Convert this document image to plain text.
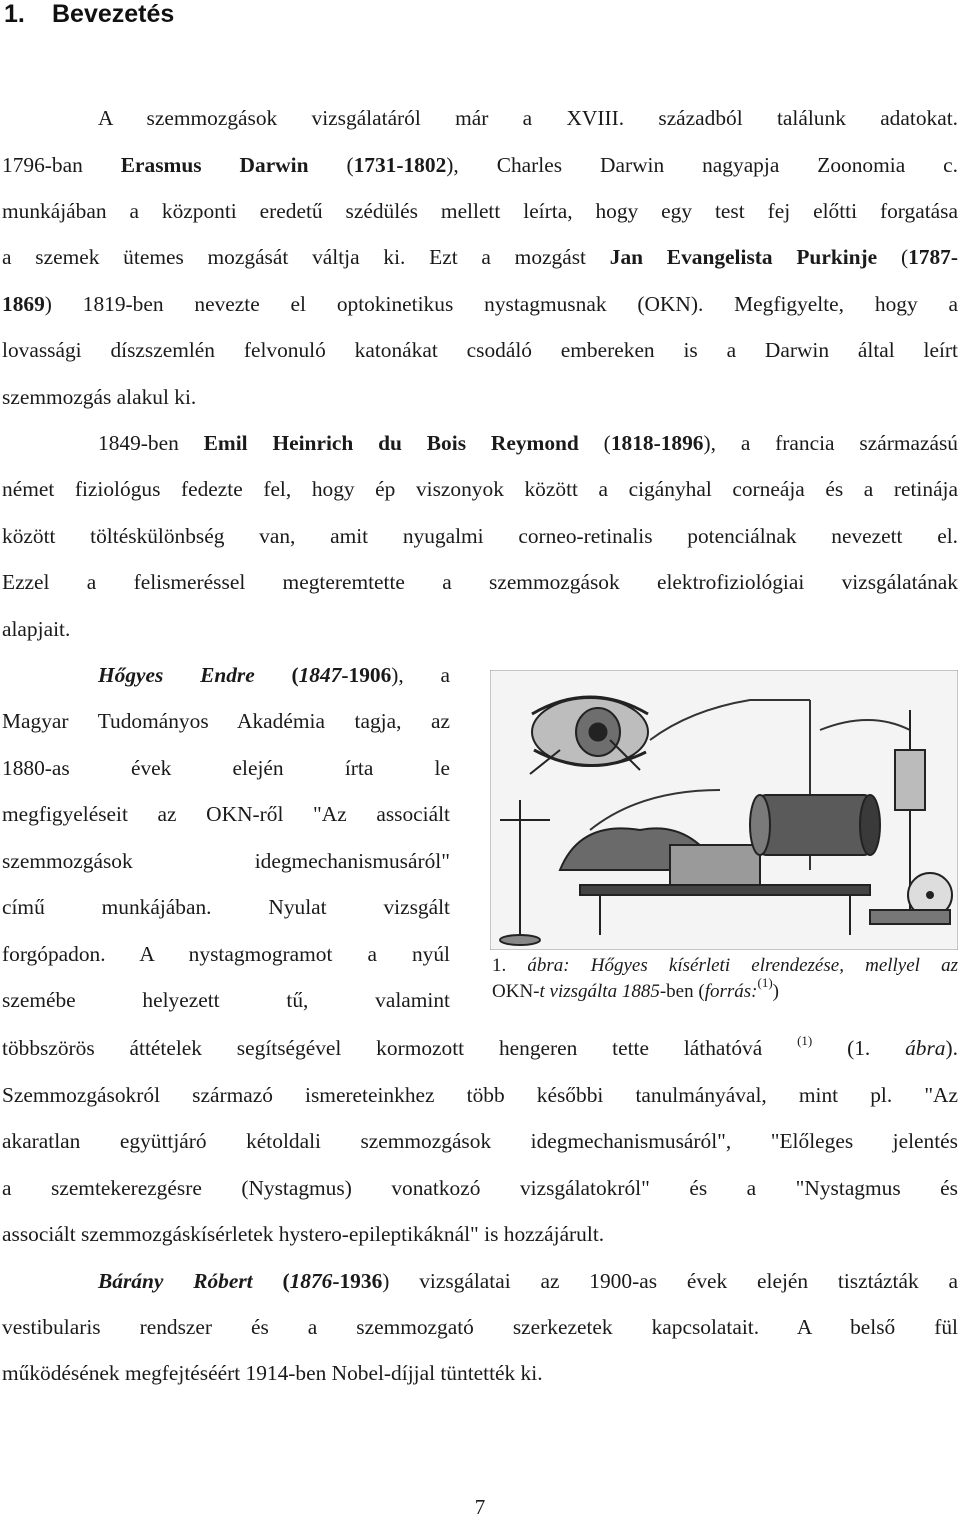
1. Bevezetés
A szemmozgások vizsgálatáról már a XVIII. századból találunk adatokat.
1796-ban Erasmus Darwin (1731-1802), Charles Darwin nagyapja Zoonomia c.
munkájában a központi eredetű szédülés mellett leírta, hogy egy test fej előtti forgatása
a szemek ütemes mozgását váltja ki. Ezt a mozgást Jan Evangelista Purkinje (1787-
1869) 1819-ben nevezte el optokinetikus nystagmusnak (OKN). Megfigyelte, hogy a
lovassági díszszemlén felvonuló katonákat csodáló embereken is a Darwin által leírt
szemmozgás alakul ki.
1849-ben Emil Heinrich du Bois Reymond (1818-1896), a francia származású
német fiziológus fedezte fel, hogy ép viszonyok között a cigányhal corneája és a retinája
között töltéskülönbség van, amit nyugalmi corneo-retinalis potenciálnak nevezett el.
Ezzel a felismeréssel megteremtette a szemmozgások elektrofiziológiai vizsgálatának
alapjait.
Hőgyes Endre (1847-1906), a
Magyar Tudományos Akadémia tagja, az
1880-as évek elején írta le
megfigyeléseit az OKN-ről "Az associált
szemmozgások idegmechanismusáról"
című munkájában. Nyulat vizsgált
forgópadon. A nystagmogramot a nyúl
szemébe helyezett tű, valamint
többszörös áttételek segítségével kormozott hengeren tette láthatóvá $^{(1)}$ (1. ábra).
Szemmozgásokról származó ismereteinkhez több későbbi tanulmányával, mint pl. "Az
akaratlan együttjáró kétoldali szemmozgások idegmechanismusáról", "Előleges jelentés
a szemtekerezgésre (Nystagmus) vonatkozó vizsgálatokról" és a "Nystagmus és
associált szemmozgáskísérletek hystero-epileptikáknál" is hozzájárult.
Bárány Róbert (1876-1936) vizsgálatai az 1900-as évek elején tisztázták a
vestibularis rendszer és a szemmozgató szerkezetek kapcsolatait. A belső fül
működésének megfejtéséért 1914-ben Nobel-díjjal tüntették ki.
1. ábra: Hőgyes kísérleti elrendezése, mellyel az
OKN-t vizsgálta 1885-ben (forrás:$^{(1)}$)
7
